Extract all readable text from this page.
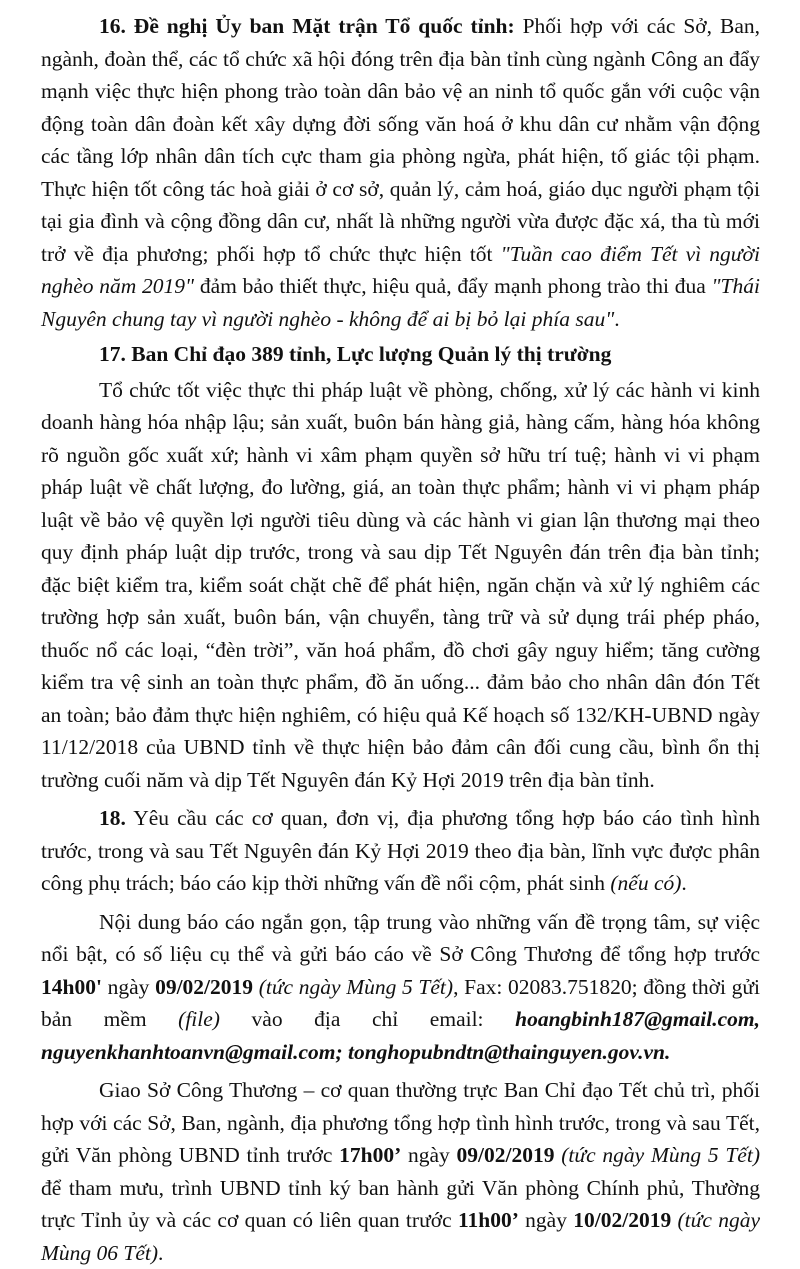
16. Đề nghị Ủy ban Mặt trận Tổ quốc tỉnh: Phối hợp với các Sở, Ban, ngành, đoàn thể, các tổ chức xã hội đóng trên địa bàn tỉnh cùng ngành Công an đẩy mạnh việc thực hiện phong trào toàn dân bảo vệ an ninh tổ quốc gắn với cuộc vận động toàn dân đoàn kết xây dựng đời sống văn hoá ở khu dân cư nhằm vận động các tầng lớp nhân dân tích cực tham gia phòng ngừa, phát hiện, tố giác tội phạm. Thực hiện tốt công tác hoà giải ở cơ sở, quản lý, cảm hoá, giáo dục người phạm tội tại gia đình và cộng đồng dân cư, nhất là những người vừa được đặc xá, tha tù mới trở về địa phương; phối hợp tổ chức thực hiện tốt "Tuần cao điểm Tết vì người nghèo năm 2019" đảm bảo thiết thực, hiệu quả, đẩy mạnh phong trào thi đua "Thái Nguyên chung tay vì người nghèo - không để ai bị bỏ lại phía sau".

17. Ban Chỉ đạo 389 tỉnh, Lực lượng Quản lý thị trường

Tổ chức tốt việc thực thi pháp luật về phòng, chống, xử lý các hành vi kinh doanh hàng hóa nhập lậu; sản xuất, buôn bán hàng giả, hàng cấm, hàng hóa không rõ nguồn gốc xuất xứ; hành vi xâm phạm quyền sở hữu trí tuệ; hành vi vi phạm pháp luật về chất lượng, đo lường, giá, an toàn thực phẩm; hành vi vi phạm pháp luật về bảo vệ quyền lợi người tiêu dùng và các hành vi gian lận thương mại theo quy định pháp luật dịp trước, trong và sau dịp Tết Nguyên đán trên địa bàn tỉnh; đặc biệt kiểm tra, kiểm soát chặt chẽ để phát hiện, ngăn chặn và xử lý nghiêm các trường hợp sản xuất, buôn bán, vận chuyển, tàng trữ và sử dụng trái phép pháo, thuốc nổ các loại, “đèn trời”, văn hoá phẩm, đồ chơi gây nguy hiểm; tăng cường kiểm tra vệ sinh an toàn thực phẩm, đồ ăn uống... đảm bảo cho nhân dân đón Tết an toàn; bảo đảm thực hiện nghiêm, có hiệu quả Kế hoạch số 132/KH-UBND ngày 11/12/2018 của UBND tỉnh về thực hiện bảo đảm cân đối cung cầu, bình ổn thị trường cuối năm và dịp Tết Nguyên đán Kỷ Hợi 2019 trên địa bàn tỉnh.

18. Yêu cầu các cơ quan, đơn vị, địa phương tổng hợp báo cáo tình hình trước, trong và sau Tết Nguyên đán Kỷ Hợi 2019 theo địa bàn, lĩnh vực được phân công phụ trách; báo cáo kịp thời những vấn đề nổi cộm, phát sinh (nếu có).

Nội dung báo cáo ngắn gọn, tập trung vào những vấn đề trọng tâm, sự việc nổi bật, có số liệu cụ thể và gửi báo cáo về Sở Công Thương để tổng hợp trước 14h00' ngày 09/02/2019 (tức ngày Mùng 5 Tết), Fax: 02083.751820; đồng thời gửi bản mềm (file) vào địa chỉ email: hoangbinh187@gmail.com, nguyenkhanhtoanvn@gmail.com; tonghopubndtn@thainguyen.gov.vn.

Giao Sở Công Thương – cơ quan thường trực Ban Chỉ đạo Tết chủ trì, phối hợp với các Sở, Ban, ngành, địa phương tổng hợp tình hình trước, trong và sau Tết, gửi Văn phòng UBND tỉnh trước 17h00’ ngày 09/02/2019 (tức ngày Mùng 5 Tết) để tham mưu, trình UBND tỉnh ký ban hành gửi Văn phòng Chính phủ, Thường trực Tỉnh ủy và các cơ quan có liên quan trước 11h00’ ngày 10/02/2019 (tức ngày Mùng 06 Tết).
